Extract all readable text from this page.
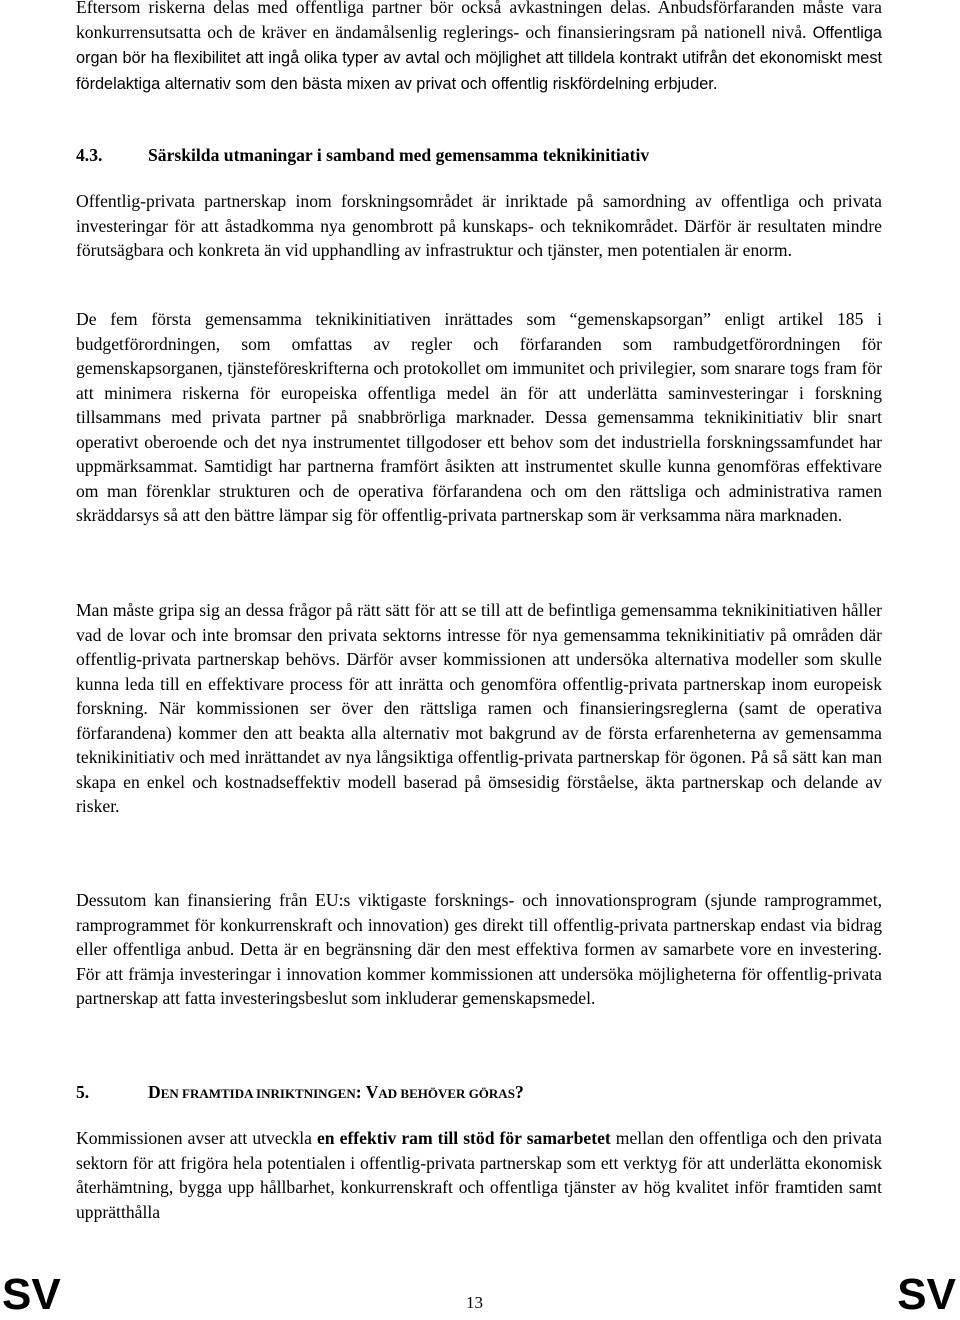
Eftersom riskerna delas med offentliga partner bör också avkastningen delas. Anbudsförfaranden måste vara konkurrensutsatta och de kräver en ändamålsenlig reglerings- och finansieringsram på nationell nivå. Offentliga organ bör ha flexibilitet att ingå olika typer av avtal och möjlighet att tilldela kontrakt utifrån det ekonomiskt mest fördelaktiga alternativ som den bästa mixen av privat och offentlig riskfördelning erbjuder.

4.3.	Särskilda utmaningar i samband med gemensamma teknikinitiativ

Offentlig-privata partnerskap inom forskningsområdet är inriktade på samordning av offentliga och privata investeringar för att åstadkomma nya genombrott på kunskaps- och teknikområdet. Därför är resultaten mindre förutsägbara och konkreta än vid upphandling av infrastruktur och tjänster, men potentialen är enorm.

De fem första gemensamma teknikinitiativen inrättades som “gemenskapsorgan” enligt artikel 185 i budgetförordningen, som omfattas av regler och förfaranden som rambudgetförordningen för gemenskapsorganen, tjänsteföreskrifterna och protokollet om immunitet och privilegier, som snarare togs fram för att minimera riskerna för europeiska offentliga medel än för att underlätta saminvesteringar i forskning tillsammans med privata partner på snabbrörliga marknader. Dessa gemensamma teknikinitiativ blir snart operativt oberoende och det nya instrumentet tillgodoser ett behov som det industriella forskningssamfundet har uppmärksammat. Samtidigt har partnerna framfört åsikten att instrumentet skulle kunna genomföras effektivare om man förenklar strukturen och de operativa förfarandena och om den rättsliga och administrativa ramen skräddarsys så att den bättre lämpar sig för offentlig-privata partnerskap som är verksamma nära marknaden.

Man måste gripa sig an dessa frågor på rätt sätt för att se till att de befintliga gemensamma teknikinitiativen håller vad de lovar och inte bromsar den privata sektorns intresse för nya gemensamma teknikinitiativ på områden där offentlig-privata partnerskap behövs. Därför avser kommissionen att undersöka alternativa modeller som skulle kunna leda till en effektivare process för att inrätta och genomföra offentlig-privata partnerskap inom europeisk forskning. När kommissionen ser över den rättsliga ramen och finansieringsreglerna (samt de operativa förfarandena) kommer den att beakta alla alternativ mot bakgrund av de första erfarenheterna av gemensamma teknikinitiativ och med inrättandet av nya långsiktiga offentlig-privata partnerskap för ögonen. På så sätt kan man skapa en enkel och kostnadseffektiv modell baserad på ömsesidig förståelse, äkta partnerskap och delande av risker.

Dessutom kan finansiering från EU:s viktigaste forsknings- och innovationsprogram (sjunde ramprogrammet, ramprogrammet för konkurrenskraft och innovation) ges direkt till offentlig-privata partnerskap endast via bidrag eller offentliga anbud. Detta är en begränsning där den mest effektiva formen av samarbete vore en investering. För att främja investeringar i innovation kommer kommissionen att undersöka möjligheterna för offentlig-privata partnerskap att fatta investeringsbeslut som inkluderar gemenskapsmedel.

5.	DEN FRAMTIDA INRIKTNINGEN: VAD BEHÖVER GÖRAS?

Kommissionen avser att utveckla en effektiv ram till stöd för samarbetet mellan den offentliga och den privata sektorn för att frigöra hela potentialen i offentlig-privata partnerskap som ett verktyg för att underlätta ekonomisk återhämtning, bygga upp hållbarhet, konkurrenskraft och offentliga tjänster av hög kvalitet inför framtiden samt upprätthålla

SV	13	SV
